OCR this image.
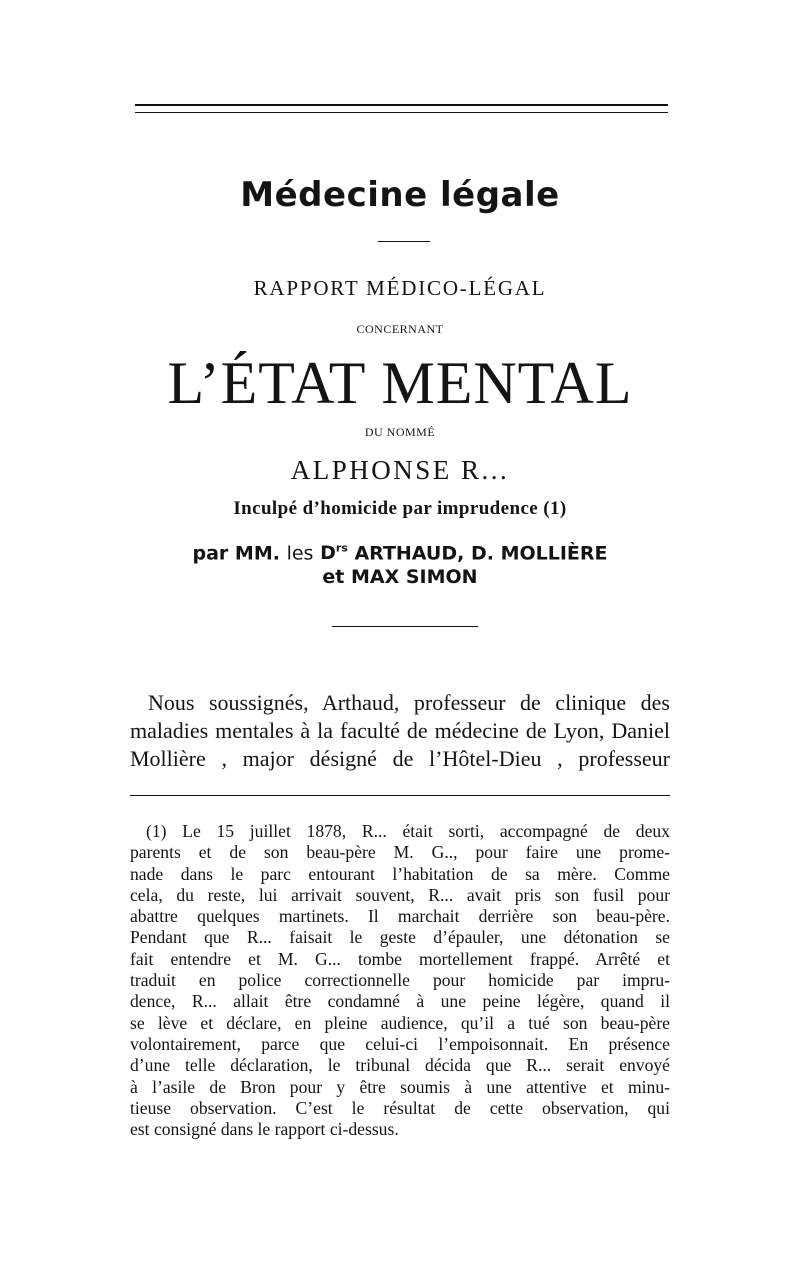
Médecine légale
RAPPORT MÉDICO-LÉGAL
CONCERNANT
L’ÉTAT MENTAL
DU NOMMÉ
ALPHONSE R...
Inculpé d’homicide par imprudence (1)
par MM. les $D^{rs}$ ARTHAUD, D. MOLLIÈRE
et MAX SIMON
Nous soussignés, Arthaud, professeur de clinique des
maladies mentales à la faculté de médecine de Lyon, Daniel
Mollière , major désigné de l’Hôtel-Dieu , professeur
(1) Le 15 juillet 1878, R... était sorti, accompagné de deux
parents et de son beau-père M. G.., pour faire une prome-
nade dans le parc entourant l’habitation de sa mère. Comme
cela, du reste, lui arrivait souvent, R... avait pris son fusil pour
abattre quelques martinets. Il marchait derrière son beau-père.
Pendant que R... faisait le geste d’épauler, une détonation se
fait entendre et M. G... tombe mortellement frappé. Arrêté et
traduit en police correctionnelle pour homicide par impru-
dence, R... allait être condamné à une peine légère, quand il
se lève et déclare, en pleine audience, qu’il a tué son beau-père
volontairement, parce que celui-ci l’empoisonnait. En présence
d’une telle déclaration, le tribunal décida que R... serait envoyé
à l’asile de Bron pour y être soumis à une attentive et minu-
tieuse observation. C’est le résultat de cette observation, qui
est consigné dans le rapport ci-dessus.
